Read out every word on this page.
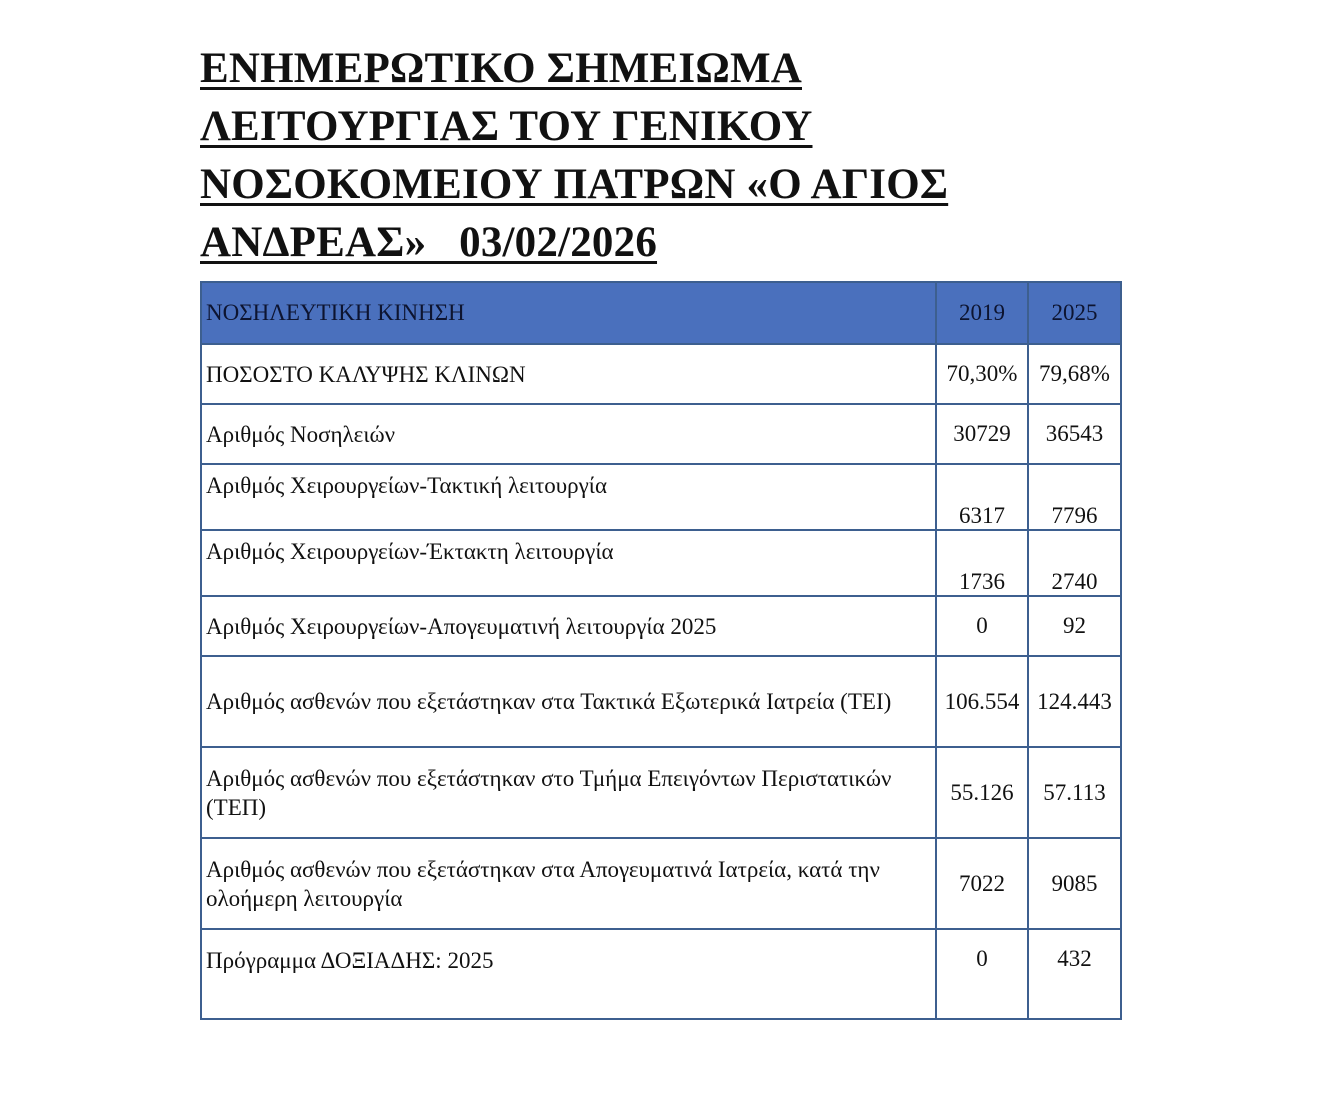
ΕΝΗΜΕΡΩΤΙΚΟ ΣΗΜΕΙΩΜΑ
ΛΕΙΤΟΥΡΓΙΑΣ ΤΟΥ ΓΕΝΙΚΟΥ
ΝΟΣΟΚΟΜΕΙΟΥ ΠΑΤΡΩΝ «Ο ΑΓΙΟΣ
ΑΝΔΡΕΑΣ»   03/02/2026
ΝΟΣΗΛΕΥΤΙΚΗ ΚΙΝΗΣΗ	2019	2025
ΠΟΣΟΣΤΟ ΚΑΛΥΨΗΣ ΚΛΙΝΩΝ	70,30%	79,68%
Αριθμός Νοσηλειών	30729	36543
Αριθμός Χειρουργείων-Τακτική λειτουργία	6317	7796
Αριθμός Χειρουργείων-Έκτακτη λειτουργία	1736	2740
Αριθμός Χειρουργείων-Απογευματινή λειτουργία 2025	0	92
Αριθμός ασθενών που εξετάστηκαν στα Τακτικά Εξωτερικά Ιατρεία (ΤΕΙ)	106.554	124.443
Αριθμός ασθενών που εξετάστηκαν στο Τμήμα Επειγόντων Περιστατικών (ΤΕΠ)	55.126	57.113
Αριθμός ασθενών που εξετάστηκαν στα Απογευματινά Ιατρεία, κατά την ολοήμερη λειτουργία	7022	9085
Πρόγραμμα ΔΟΞΙΑΔΗΣ: 2025	0	432
